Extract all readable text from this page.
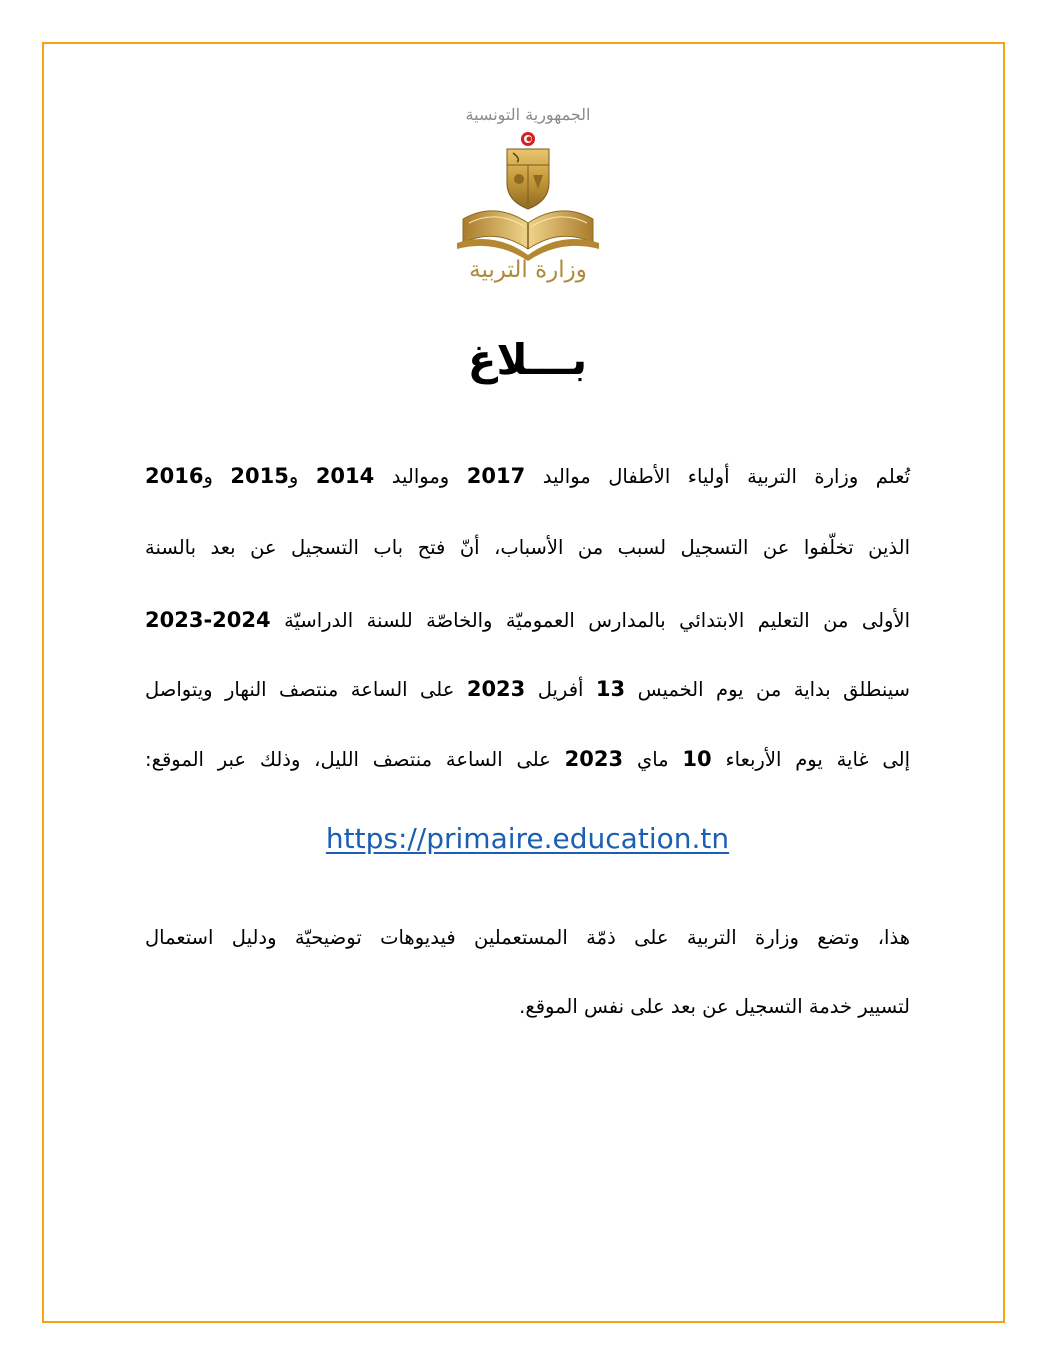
الجمهورية التونسية
وزارة التربية
بـــلاغ
تُعلم وزارة التربية أولياء الأطفال مواليد 2017 ومواليد 2014 و2015 و2016
الذين تخلّفوا عن التسجيل لسبب من الأسباب، أنّ فتح باب التسجيل عن بعد بالسنة
الأولى من التعليم الابتدائي بالمدارس العموميّة والخاصّة للسنة الدراسيّة 2024-2023
سينطلق بداية من يوم الخميس 13 أفريل 2023 على الساعة منتصف النهار ويتواصل
إلى غاية يوم الأربعاء 10 ماي 2023 على الساعة منتصف الليل، وذلك عبر الموقع:
https://primaire.education.tn
هذا، وتضع وزارة التربية على ذمّة المستعملين فيديوهات توضيحيّة ودليل استعمال
لتسيير خدمة التسجيل عن بعد على نفس الموقع.
